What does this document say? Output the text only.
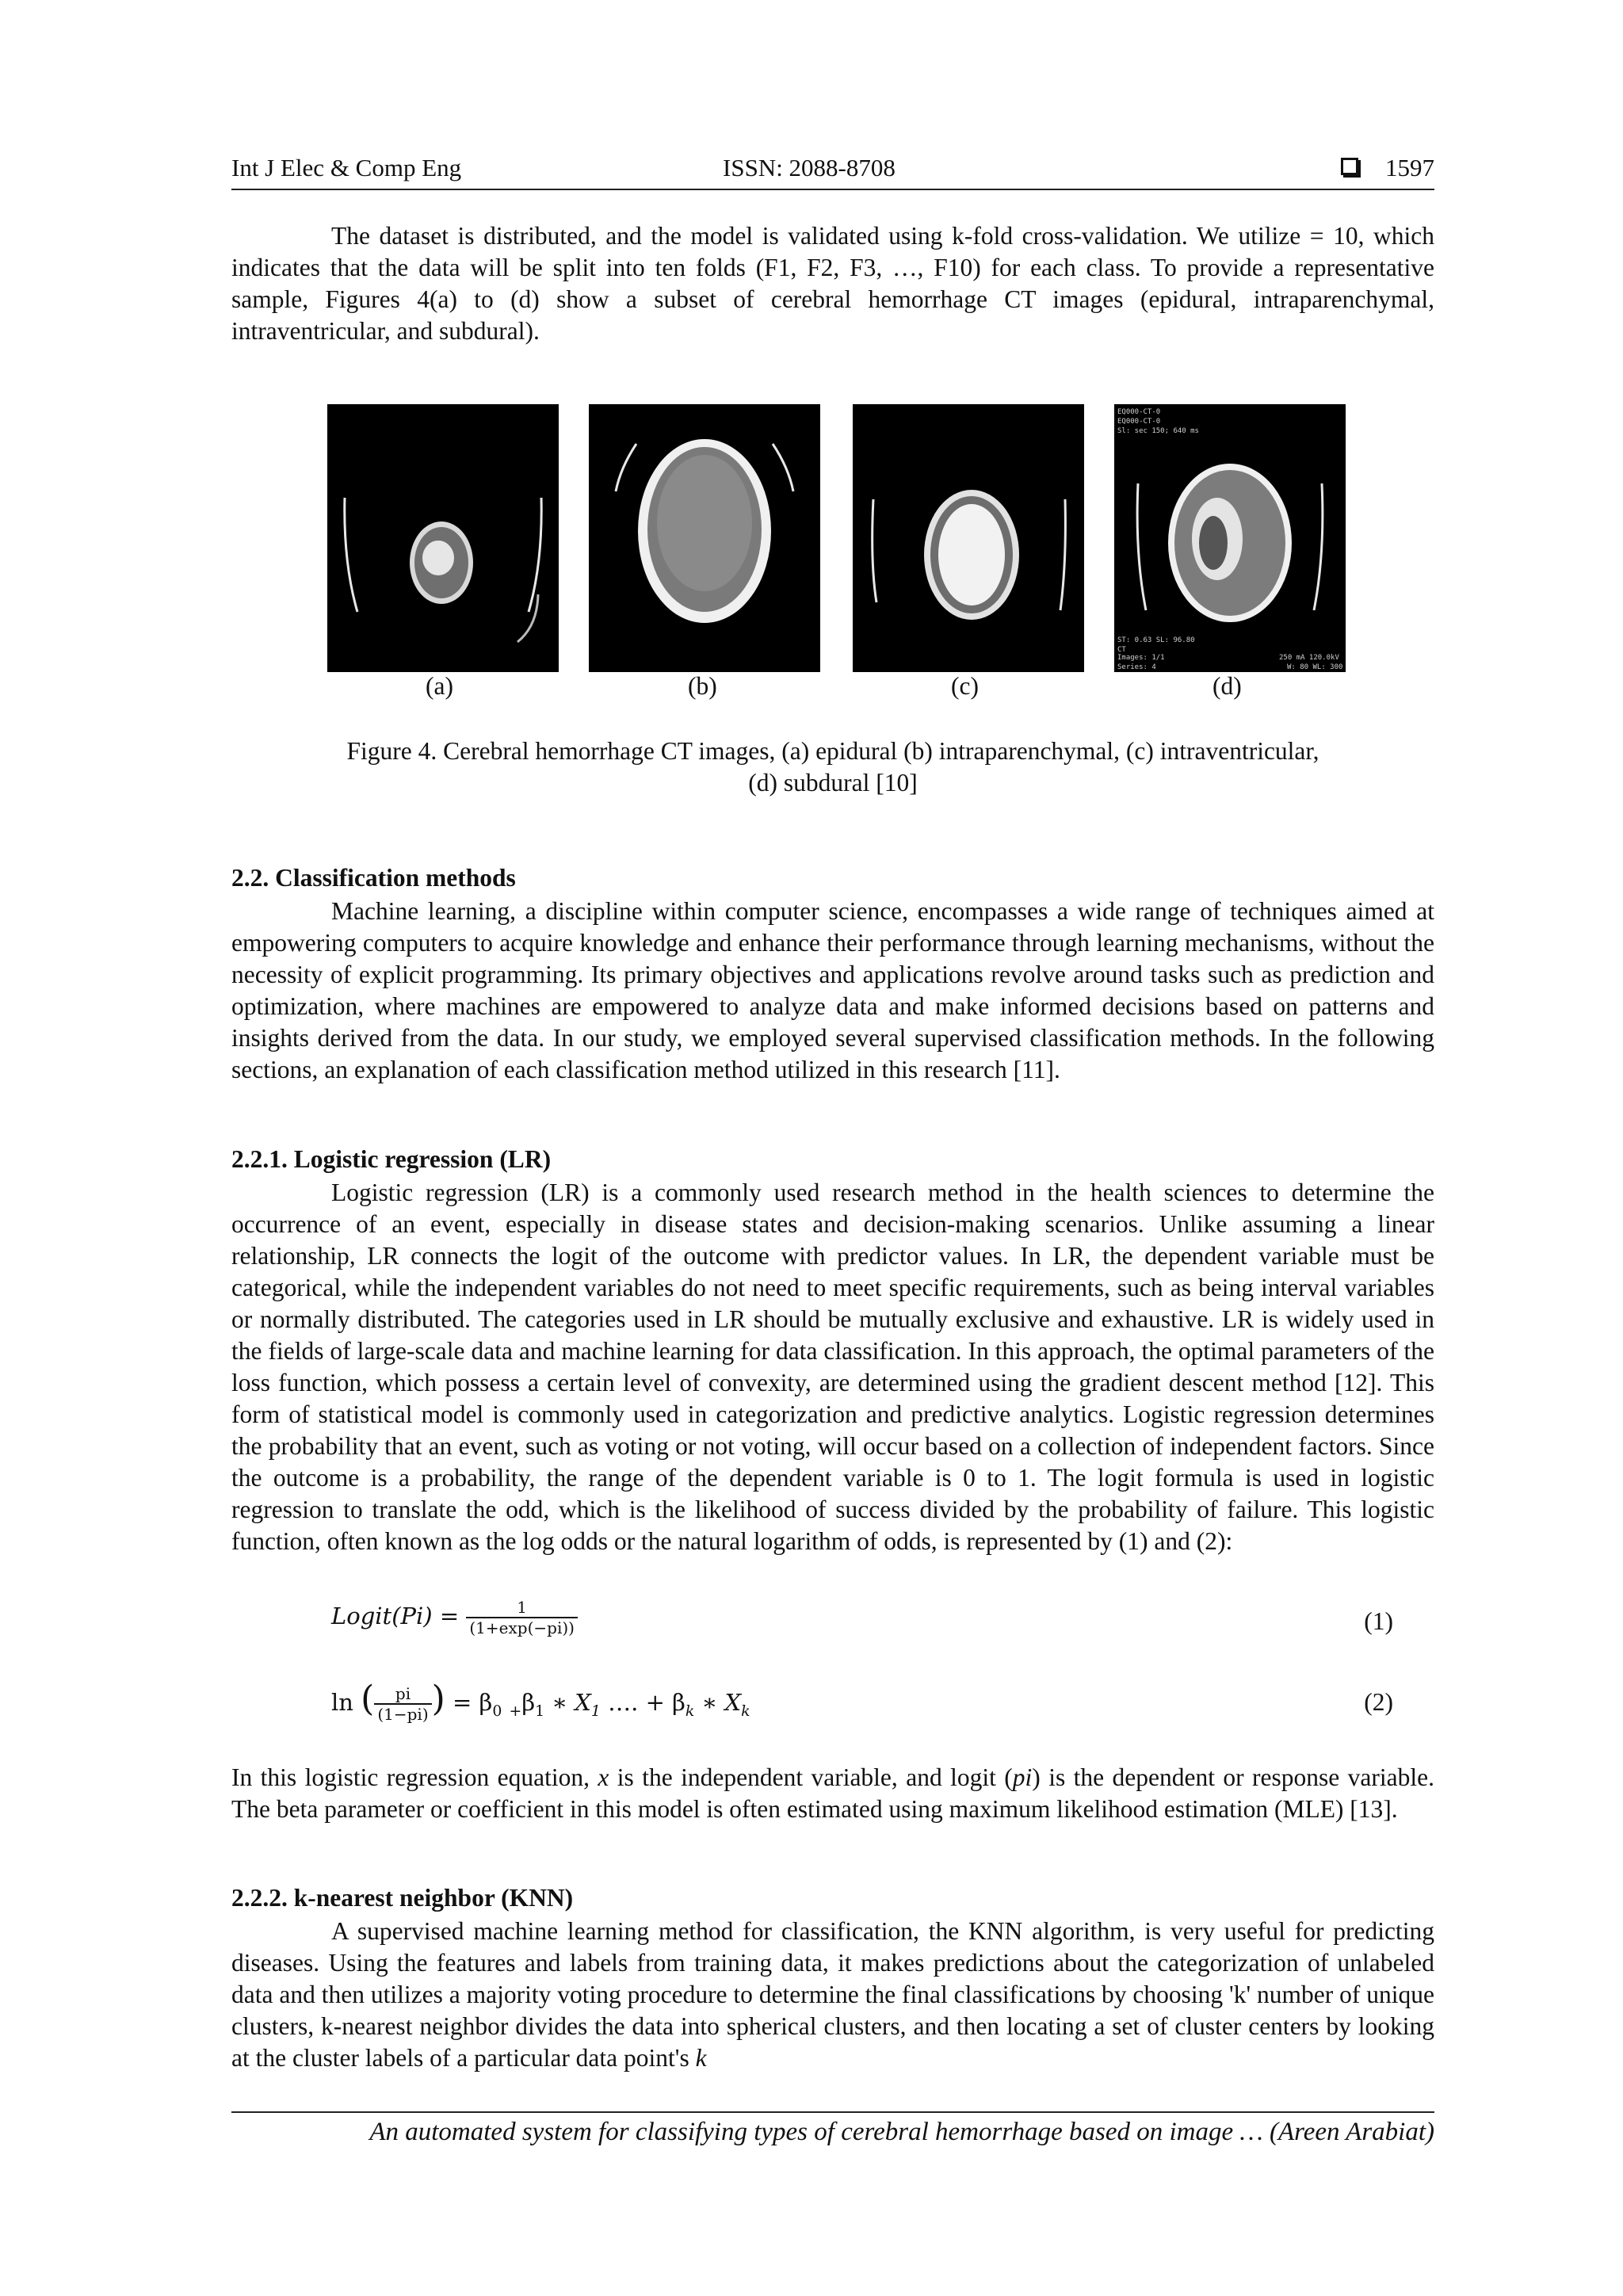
Int J Elec & Comp Eng	ISSN: 2088-8708	1597

The dataset is distributed, and the model is validated using k-fold cross-validation. We utilize = 10, which indicates that the data will be split into ten folds (F1, F2, F3, …, F10) for each class. To provide a representative sample, Figures 4(a) to (d) show a subset of cerebral hemorrhage CT images (epidural, intraparenchymal, intraventricular, and subdural).

EQ000-CT-0
EQ000-CT-0
Sl: sec 150; 640 ms
ST: 0.63 SL: 96.80
CT
Images: 1/1
Series: 4
250 mA 120.0kV
W: 80 WL: 300
(a)	(b)	(c)	(d)
Figure 4. Cerebral hemorrhage CT images, (a) epidural (b) intraparenchymal, (c) intraventricular,
(d) subdural [10]
2.2. Classification methods

Machine learning, a discipline within computer science, encompasses a wide range of techniques aimed at empowering computers to acquire knowledge and enhance their performance through learning mechanisms, without the necessity of explicit programming. Its primary objectives and applications revolve around tasks such as prediction and optimization, where machines are empowered to analyze data and make informed decisions based on patterns and insights derived from the data. In our study, we employed several supervised classification methods. In the following sections, an explanation of each classification method utilized in this research [11].

2.2.1. Logistic regression (LR)

Logistic regression (LR) is a commonly used research method in the health sciences to determine the occurrence of an event, especially in disease states and decision-making scenarios. Unlike assuming a linear relationship, LR connects the logit of the outcome with predictor values. In LR, the dependent variable must be categorical, while the independent variables do not need to meet specific requirements, such as being interval variables or normally distributed. The categories used in LR should be mutually exclusive and exhaustive. LR is widely used in the fields of large-scale data and machine learning for data classification. In this approach, the optimal parameters of the loss function, which possess a certain level of convexity, are determined using the gradient descent method [12]. This form of statistical model is commonly used in categorization and predictive analytics. Logistic regression determines the probability that an event, such as voting or not voting, will occur based on a collection of independent factors. Since the outcome is a probability, the range of the dependent variable is 0 to 1. The logit formula is used in logistic regression to translate the odd, which is the likelihood of success divided by the probability of failure. This logistic function, often known as the log odds or the natural logarithm of odds, is represented by (1) and (2):

Logit(Pi) = $\frac{1}{(1+\exp(-pi))}$	(1)
ln ( $\frac{pi}{(1-pi)}$ ) = $\beta_0$ $_+\beta_1$ ∗ $X_1$ …. + $\beta_k$ ∗ $X_k$	(2)

In this logistic regression equation, x is the independent variable, and logit (pi) is the dependent or response variable. The beta parameter or coefficient in this model is often estimated using maximum likelihood estimation (MLE) [13].

2.2.2. k-nearest neighbor (KNN)

A supervised machine learning method for classification, the KNN algorithm, is very useful for predicting diseases. Using the features and labels from training data, it makes predictions about the categorization of unlabeled data and then utilizes a majority voting procedure to determine the final classifications by choosing 'k' number of unique clusters, k-nearest neighbor divides the data into spherical clusters, and then locating a set of cluster centers by looking at the cluster labels of a particular data point's k

An automated system for classifying types of cerebral hemorrhage based on image … (Areen Arabiat)
